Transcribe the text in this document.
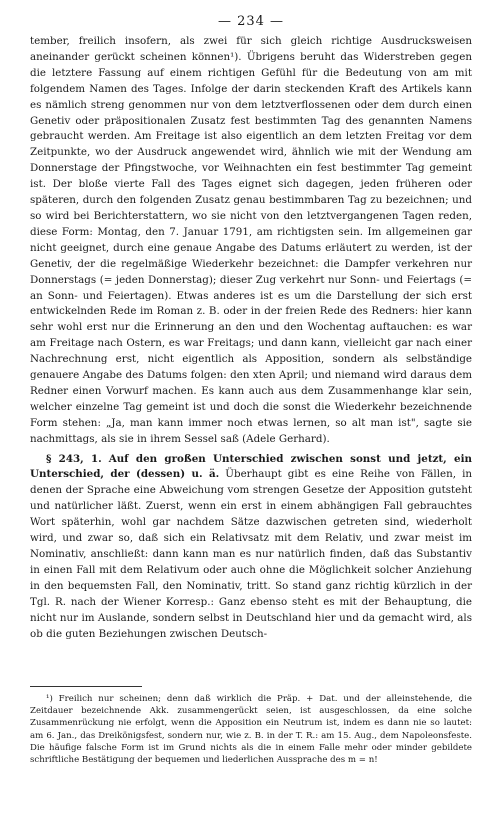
— 234 —

tember, freilich insofern, als zwei für sich gleich richtige Ausdrucksweisen aneinander gerückt scheinen können¹). Übrigens beruht das Widerstreben gegen die letztere Fassung auf einem richtigen Gefühl für die Bedeutung von am mit folgendem Namen des Tages. Infolge der darin steckenden Kraft des Artikels kann es nämlich streng genommen nur von dem letztverflossenen oder dem durch einen Genetiv oder präpositionalen Zusatz fest bestimmten Tag des genannten Namens gebraucht werden. Am Freitage ist also eigentlich an dem letzten Freitag vor dem Zeitpunkte, wo der Ausdruck angewendet wird, ähnlich wie mit der Wendung am Donnerstage der Pfingstwoche, vor Weihnachten ein fest bestimmter Tag gemeint ist. Der bloße vierte Fall des Tages eignet sich dagegen, jeden früheren oder späteren, durch den folgenden Zusatz genau bestimmbaren Tag zu bezeichnen; und so wird bei Berichterstattern, wo sie nicht von den letztvergangenen Tagen reden, diese Form: Montag, den 7. Januar 1791, am richtigsten sein. Im allgemeinen gar nicht geeignet, durch eine genaue Angabe des Datums erläutert zu werden, ist der Genetiv, der die regelmäßige Wiederkehr bezeichnet: die Dampfer verkehren nur Donnerstags (= jeden Donnerstag); dieser Zug verkehrt nur Sonn- und Feiertags (= an Sonn- und Feiertagen). Etwas anderes ist es um die Darstellung der sich erst entwickelnden Rede im Roman z. B. oder in der freien Rede des Redners: hier kann sehr wohl erst nur die Erinnerung an den und den Wochentag auftauchen: es war am Freitage nach Ostern, es war Freitags; und dann kann, vielleicht gar nach einer Nachrechnung erst, nicht eigentlich als Apposition, sondern als selbständige genauere Angabe des Datums folgen: den xten April; und niemand wird daraus dem Redner einen Vorwurf machen. Es kann auch aus dem Zusammenhange klar sein, welcher einzelne Tag gemeint ist und doch die sonst die Wiederkehr bezeichnende Form stehen: „Ja, man kann immer noch etwas lernen, so alt man ist", sagte sie nachmittags, als sie in ihrem Sessel saß (Adele Gerhard).

§ 243, 1. Auf den großen Unterschied zwischen sonst und jetzt, ein Unterschied, der (dessen) u. ä. Überhaupt gibt es eine Reihe von Fällen, in denen der Sprache eine Abweichung vom strengen Gesetze der Apposition gutsteht und natürlicher läßt. Zuerst, wenn ein erst in einem abhängigen Fall gebrauchtes Wort späterhin, wohl gar nachdem Sätze dazwischen getreten sind, wiederholt wird, und zwar so, daß sich ein Relativsatz mit dem Relativ, und zwar meist im Nominativ, anschließt: dann kann man es nur natürlich finden, daß das Substantiv in einen Fall mit dem Relativum oder auch ohne die Möglichkeit solcher Anziehung in den bequemsten Fall, den Nominativ, tritt. So stand ganz richtig kürzlich in der Tgl. R. nach der Wiener Korresp.: Ganz ebenso steht es mit der Behauptung, die nicht nur im Auslande, sondern selbst in Deutschland hier und da gemacht wird, als ob die guten Beziehungen zwischen Deutsch-

¹) Freilich nur scheinen; denn daß wirklich die Präp. + Dat. und der alleinstehende, die Zeitdauer bezeichnende Akk. zusammengerückt seien, ist ausgeschlossen, da eine solche Zusammenrückung nie erfolgt, wenn die Apposition ein Neutrum ist, indem es dann nie so lautet: am 6. Jan., das Dreikönigsfest, sondern nur, wie z. B. in der T. R.: am 15. Aug., dem Napoleonsfeste. Die häufige falsche Form ist im Grund nichts als die in einem Falle mehr oder minder gebildete schriftliche Bestätigung der bequemen und liederlichen Aussprache des m = n!
